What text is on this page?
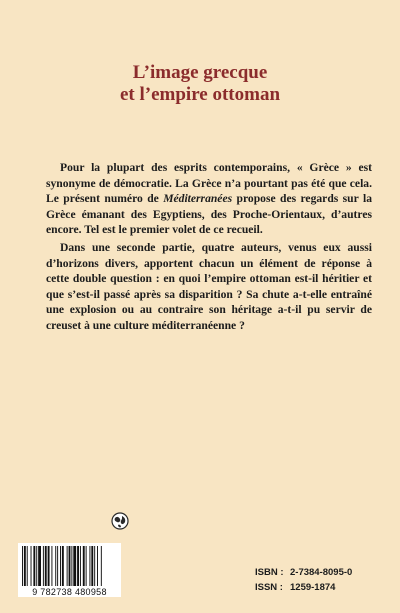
L’image grecque
et l’empire ottoman

Pour la plupart des esprits contemporains, « Grèce » est synonyme de démocratie. La Grèce n’a pourtant pas été que cela. Le présent numéro de Méditerranées propose des regards sur la Grèce émanant des Egyptiens, des Proche-Orientaux, d’autres encore. Tel est le premier volet de ce recueil.

Dans une seconde partie, quatre auteurs, venus eux aussi d’horizons divers, apportent chacun un élément de réponse à cette double question : en quoi l’empire ottoman est-il héritier et que s’est-il passé après sa disparition ? Sa chute a-t-elle entraîné une explosion ou au contraire son héritage a-t-il pu servir de creuset à une culture méditerranéenne ?

9 782738 480958
ISBN : 2-7384-8095-0
ISSN : 1259-1874
